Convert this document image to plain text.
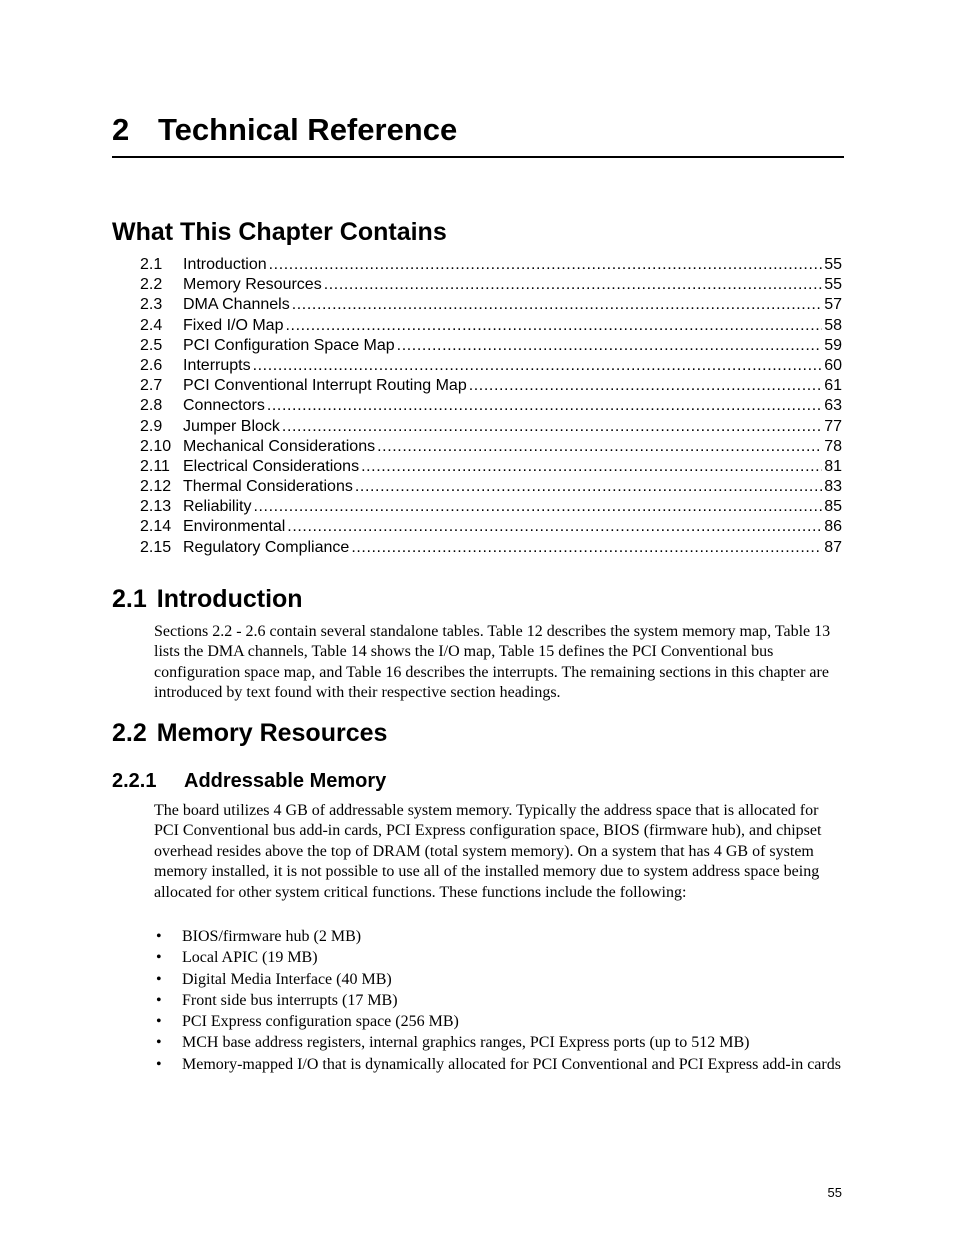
2 Technical Reference
What This Chapter Contains
2.1	Introduction .....	55
2.2	Memory Resources .....	55
2.3	DMA Channels .....	57
2.4	Fixed I/O Map .....	58
2.5	PCI Configuration Space Map .....	59
2.6	Interrupts .....	60
2.7	PCI Conventional Interrupt Routing Map .....	61
2.8	Connectors .....	63
2.9	Jumper Block .....	77
2.10 Mechanical Considerations .....	78
2.11 Electrical Considerations .....	81
2.12 Thermal Considerations .....	83
2.13 Reliability .....	85
2.14 Environmental .....	86
2.15 Regulatory Compliance .....	87
2.1 Introduction

Sections 2.2 - 2.6 contain several standalone tables. Table 12 describes the system memory map, Table 13 lists the DMA channels, Table 14 shows the I/O map, Table 15 defines the PCI Conventional bus configuration space map, and Table 16 describes the interrupts. The remaining sections in this chapter are introduced by text found with their respective section headings.

2.2 Memory Resources
2.2.1 Addressable Memory

The board utilizes 4 GB of addressable system memory. Typically the address space that is allocated for PCI Conventional bus add-in cards, PCI Express configuration space, BIOS (firmware hub), and chipset overhead resides above the top of DRAM (total system memory). On a system that has 4 GB of system memory installed, it is not possible to use all of the installed memory due to system address space being allocated for other system critical functions. These functions include the following:

• BIOS/firmware hub (2 MB)
• Local APIC (19 MB)
• Digital Media Interface (40 MB)
• Front side bus interrupts (17 MB)
• PCI Express configuration space (256 MB)
• MCH base address registers, internal graphics ranges, PCI Express ports (up to 512 MB)
• Memory-mapped I/O that is dynamically allocated for PCI Conventional and PCI Express add-in cards
55
